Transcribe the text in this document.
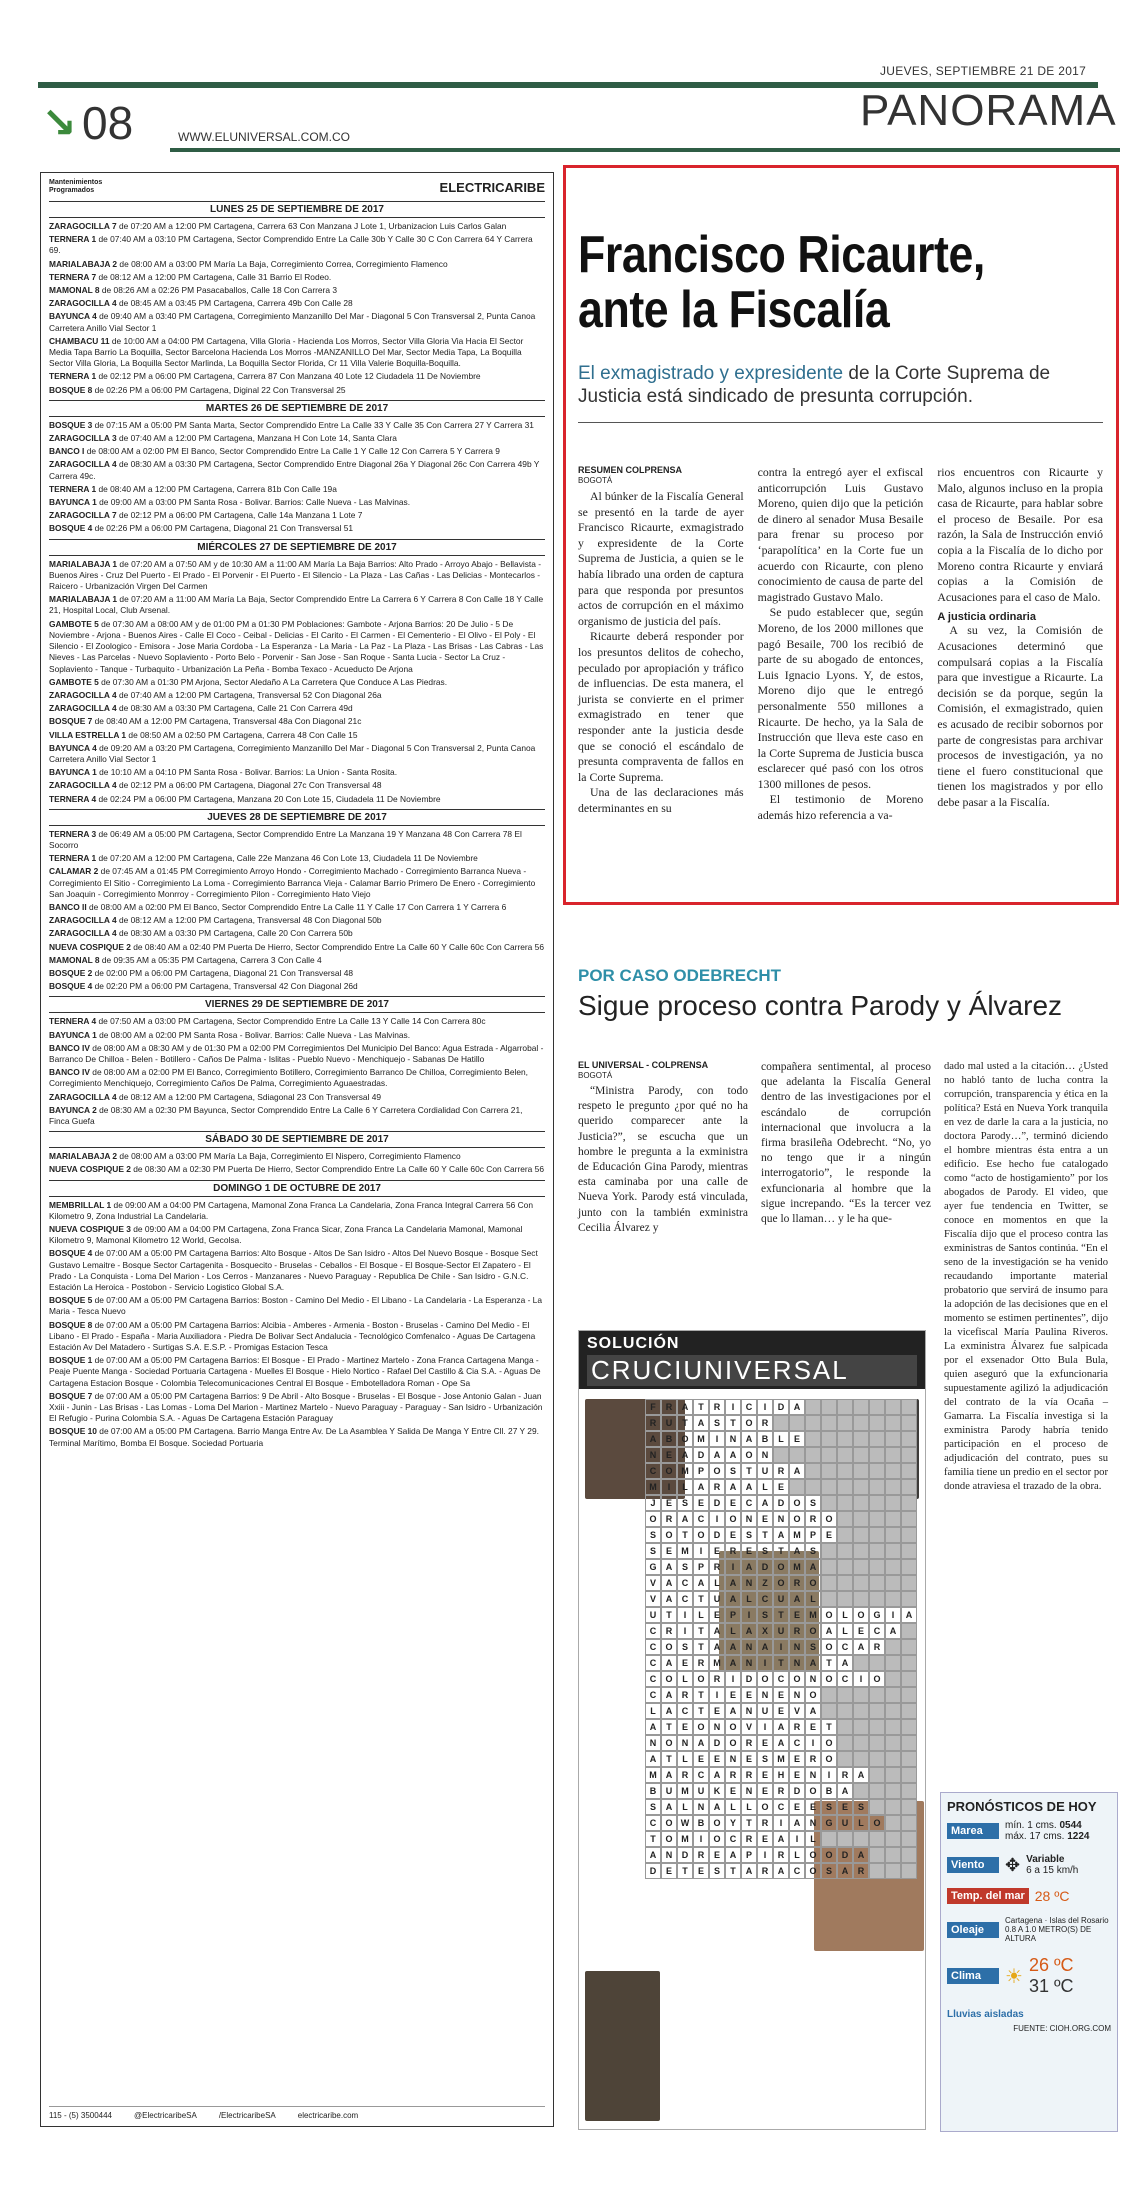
JUEVES, SEPTIEMBRE 21 DE 2017
↘ 08	WWW.ELUNIVERSAL.COM.CO
PANORAMA
Mantenimientos Programados	ELECTRICARIBE
LUNES 25 DE SEPTIEMBRE DE 2017
ZARAGOCILLA 7 de 07:20 AM a 12:00 PM Cartagena, Carrera 63 Con Manzana J Lote 1, Urbanizacion Luis Carlos Galan
TERNERA 1 de 07:40 AM a 03:10 PM Cartagena, Sector Comprendido Entre La Calle 30b Y Calle 30 C Con Carrera 64 Y Carrera 69.
MARIALABAJA 2 de 08:00 AM a 03:00 PM María La Baja, Corregimiento Correa, Corregimiento Flamenco
TERNERA 7 de 08:12 AM a 12:00 PM Cartagena, Calle 31 Barrio El Rodeo.
MAMONAL 8 de 08:26 AM a 02:26 PM Pasacaballos, Calle 18 Con Carrera 3
ZARAGOCILLA 4 de 08:45 AM a 03:45 PM Cartagena, Carrera 49b Con Calle 28
BAYUNCA 4 de 09:40 AM a 03:40 PM Cartagena, Corregimiento Manzanillo Del Mar - Diagonal 5 Con Transversal 2, Punta Canoa Carretera Anillo Vial Sector 1
CHAMBACU 11 de 10:00 AM a 04:00 PM Cartagena, Villa Gloria - Hacienda Los Morros, Sector Villa Gloria Via Hacia El Sector Media Tapa Barrio La Boquilla, Sector Barcelona Hacienda Los Morros -MANZANILLO Del Mar, Sector Media Tapa, La Boquilla Sector Villa Gloria, La Boquilla Sector Marlinda, La Boquilla Sector Florida, Cr 11 Villa Valerie Boquilla-Boquilla.
TERNERA 1 de 02:12 PM a 06:00 PM Cartagena, Carrera 87 Con Manzana 40 Lote 12 Ciudadela 11 De Noviembre
BOSQUE 8 de 02:26 PM a 06:00 PM Cartagena, Diginal 22 Con Transversal 25
MARTES 26 DE SEPTIEMBRE DE 2017
BOSQUE 3 de 07:15 AM a 05:00 PM Santa Marta, Sector Comprendido Entre La Calle 33 Y Calle 35 Con Carrera 27 Y Carrera 31
ZARAGOCILLA 3 de 07:40 AM a 12:00 PM Cartagena, Manzana H Con Lote 14, Santa Clara
BANCO I de 08:00 AM a 02:00 PM El Banco, Sector Comprendido Entre La Calle 1 Y Calle 12 Con Carrera 5 Y Carrera 9
ZARAGOCILLA 4 de 08:30 AM a 03:30 PM Cartagena, Sector Comprendido Entre Diagonal 26a Y Diagonal 26c Con Carrera 49b Y Carrera 49c.
TERNERA 1 de 08:40 AM a 12:00 PM Cartagena, Carrera 81b Con Calle 19a
BAYUNCA 1 de 09:00 AM a 03:00 PM Santa Rosa - Bolivar. Barrios: Calle Nueva - Las Malvinas.
ZARAGOCILLA 7 de 02:12 PM a 06:00 PM Cartagena, Calle 14a Manzana 1 Lote 7
BOSQUE 4 de 02:26 PM a 06:00 PM Cartagena, Diagonal 21 Con Transversal 51
MIÉRCOLES 27 DE SEPTIEMBRE DE 2017
MARIALABAJA 1 de 07:20 AM a 07:50 AM y de 10:30 AM a 11:00 AM María La Baja Barrios: Alto Prado - Arroyo Abajo - Bellavista - Buenos Aires - Cruz Del Puerto - El Prado - El Porvenir - El Puerto - El Silencio - La Plaza - Las Cañas - Las Delicias - Montecarlos - Raicero - Urbanización Virgen Del Carmen
MARIALABAJA 1 de 07:20 AM a 11:00 AM María La Baja, Sector Comprendido Entre La Carrera 6 Y Carrera 8 Con Calle 18 Y Calle 21, Hospital Local, Club Arsenal.
GAMBOTE 5 de 07:30 AM a 08:00 AM y de 01:00 PM a 01:30 PM Poblaciones: Gambote - Arjona Barrios: 20 De Julio - 5 De Noviembre - Arjona - Buenos Aires - Calle El Coco - Ceibal - Delicias - El Carito - El Carmen - El Cementerio - El Olivo - El Poly - El Silencio - El Zoologico - Emisora - Jose Maria Cordoba - La Esperanza - La Maria - La Paz - La Plaza - Las Brisas - Las Cabras - Las Nieves - Las Parcelas - Nuevo Soplaviento - Porto Belo - Porvenir - San Jose - San Roque - Santa Lucia - Sector La Cruz - Soplaviento - Tanque - Turbaquito - Urbanización La Peña - Bomba Texaco - Acueducto De Arjona
GAMBOTE 5 de 07:30 AM a 01:30 PM Arjona, Sector Aledaño A La Carretera Que Conduce A Las Piedras.
ZARAGOCILLA 4 de 07:40 AM a 12:00 PM Cartagena, Transversal 52 Con Diagonal 26a
ZARAGOCILLA 4 de 08:30 AM a 03:30 PM Cartagena, Calle 21 Con Carrera 49d
BOSQUE 7 de 08:40 AM a 12:00 PM Cartagena, Transversal 48a Con Diagonal 21c
VILLA ESTRELLA 1 de 08:50 AM a 02:50 PM Cartagena, Carrera 48 Con Calle 15
BAYUNCA 4 de 09:20 AM a 03:20 PM Cartagena, Corregimiento Manzanillo Del Mar - Diagonal 5 Con Transversal 2, Punta Canoa Carretera Anillo Vial Sector 1
BAYUNCA 1 de 10:10 AM a 04:10 PM Santa Rosa - Bolivar. Barrios: La Union - Santa Rosita.
ZARAGOCILLA 4 de 02:12 PM a 06:00 PM Cartagena, Diagonal 27c Con Transversal 48
TERNERA 4 de 02:24 PM a 06:00 PM Cartagena, Manzana 20 Con Lote 15, Ciudadela 11 De Noviembre
JUEVES 28 DE SEPTIEMBRE DE 2017
TERNERA 3 de 06:49 AM a 05:00 PM Cartagena, Sector Comprendido Entre La Manzana 19 Y Manzana 48 Con Carrera 78 El Socorro
TERNERA 1 de 07:20 AM a 12:00 PM Cartagena, Calle 22e Manzana 46 Con Lote 13, Ciudadela 11 De Noviembre
CALAMAR 2 de 07:45 AM a 01:45 PM Corregimiento Arroyo Hondo - Corregimiento Machado - Corregimiento Barranca Nueva - Corregimiento El Sitio - Corregimiento La Loma - Corregimiento Barranca Vieja - Calamar Barrio Primero De Enero - Corregimiento San Joaquin - Corregimiento Monrroy - Corregimiento Pilon - Corregimiento Hato Viejo
BANCO II de 08:00 AM a 02:00 PM El Banco, Sector Comprendido Entre La Calle 11 Y Calle 17 Con Carrera 1 Y Carrera 6
ZARAGOCILLA 4 de 08:12 AM a 12:00 PM Cartagena, Transversal 48 Con Diagonal 50b
ZARAGOCILLA 4 de 08:30 AM a 03:30 PM Cartagena, Calle 20 Con Carrera 50b
NUEVA COSPIQUE 2 de 08:40 AM a 02:40 PM Puerta De Hierro, Sector Comprendido Entre La Calle 60 Y Calle 60c Con Carrera 56
MAMONAL 8 de 09:35 AM a 05:35 PM Cartagena, Carrera 3 Con Calle 4
BOSQUE 2 de 02:00 PM a 06:00 PM Cartagena, Diagonal 21 Con Transversal 48
BOSQUE 4 de 02:20 PM a 06:00 PM Cartagena, Transversal 42 Con Diagonal 26d
VIERNES 29 DE SEPTIEMBRE DE 2017
TERNERA 4 de 07:50 AM a 03:00 PM Cartagena, Sector Comprendido Entre La Calle 13 Y Calle 14 Con Carrera 80c
BAYUNCA 1 de 08:00 AM a 02:00 PM Santa Rosa - Bolivar. Barrios: Calle Nueva - Las Malvinas.
BANCO IV de 08:00 AM a 08:30 AM y de 01:30 PM a 02:00 PM Corregimientos Del Municipio Del Banco: Agua Estrada - Algarrobal - Barranco De Chilloa - Belen - Botillero - Caños De Palma - Islitas - Pueblo Nuevo - Menchiquejo - Sabanas De Hatillo
BANCO IV de 08:00 AM a 02:00 PM El Banco, Corregimiento Botillero, Corregimiento Barranco De Chilloa, Corregimiento Belen, Corregimiento Menchiquejo, Corregimiento Caños De Palma, Corregimiento Aguaestradas.
ZARAGOCILLA 4 de 08:12 AM a 12:00 PM Cartagena, Sdiagonal 23 Con Transversal 49
BAYUNCA 2 de 08:30 AM a 02:30 PM Bayunca, Sector Comprendido Entre La Calle 6 Y Carretera Cordialidad Con Carrera 21, Finca Guefa
SÁBADO 30 DE SEPTIEMBRE DE 2017
MARIALABAJA 2 de 08:00 AM a 03:00 PM María La Baja, Corregimiento El Nispero, Corregimiento Flamenco
NUEVA COSPIQUE 2 de 08:30 AM a 02:30 PM Puerta De Hierro, Sector Comprendido Entre La Calle 60 Y Calle 60c Con Carrera 56
DOMINGO 1 DE OCTUBRE DE 2017
MEMBRILLAL 1 de 09:00 AM a 04:00 PM Cartagena, Mamonal Zona Franca La Candelaria, Zona Franca Integral Carrera 56 Con Kilometro 9, Zona Industrial La Candelaria.
NUEVA COSPIQUE 3 de 09:00 AM a 04:00 PM Cartagena, Zona Franca Sicar, Zona Franca La Candelaria Mamonal, Mamonal Kilometro 9, Mamonal Kilometro 12 World, Gecolsa.
BOSQUE 4 de 07:00 AM a 05:00 PM Cartagena Barrios: Alto Bosque - Altos De San Isidro - Altos Del Nuevo Bosque - Bosque Sect Gustavo Lemaitre - Bosque Sector Cartagenita - Bosquecito - Bruselas - Ceballos - El Bosque - El Bosque-Sector El Zapatero - El Prado - La Conquista - Loma Del Marion - Los Cerros - Manzanares - Nuevo Paraguay - Republica De Chile - San Isidro - G.N.C. Estación La Heroica - Postobon - Servicio Logistico Global S.A.
BOSQUE 5 de 07:00 AM a 05:00 PM Cartagena Barrios: Boston - Camino Del Medio - El Libano - La Candelaria - La Esperanza - La Maria - Tesca Nuevo
BOSQUE 8 de 07:00 AM a 05:00 PM Cartagena Barrios: Alcibia - Amberes - Armenia - Boston - Bruselas - Camino Del Medio - El Libano - El Prado - España - Maria Auxiliadora - Piedra De Bolivar Sect Andalucia - Tecnológico Comfenalco - Aguas De Cartagena Estación Av Del Matadero - Surtigas S.A. E.S.P. - Promigas Estacion Tesca
BOSQUE 1 de 07:00 AM a 05:00 PM Cartagena Barrios: El Bosque - El Prado - Martinez Martelo - Zona Franca Cartagena Manga - Peaje Puente Manga - Sociedad Portuaria Cartagena - Muelles El Bosque - Hielo Nortico - Rafael Del Castillo & Cia S.A. - Aguas De Cartagena Estacion Bosque - Colombia Telecomunicaciones Central El Bosque - Embotelladora Roman - Ope Sa
BOSQUE 7 de 07:00 AM a 05:00 PM Cartagena Barrios: 9 De Abril - Alto Bosque - Bruselas - El Bosque - Jose Antonio Galan - Juan Xxiii - Junin - Las Brisas - Las Lomas - Loma Del Marion - Martinez Martelo - Nuevo Paraguay - Paraguay - San Isidro - Urbanización El Refugio - Purina Colombia S.A. - Aguas De Cartagena Estación Paraguay
BOSQUE 10 de 07:00 AM a 05:00 PM Cartagena. Barrio Manga Entre Av. De La Asamblea Y Salida De Manga Y Entre Cll. 27 Y 29. Terminal Marítimo, Bomba El Bosque. Sociedad Portuaria
115 - (5) 3500444	@ElectricaribeSA	/ElectricaribeSA	electricaribe.com
Francisco Ricaurte,
ante la Fiscalía
El exmagistrado y expresidente de la Corte Suprema de Justicia está sindicado de presunta corrupción.
RESUMEN COLPRENSA
BOGOTÁ
Al búnker de la Fiscalía General se presentó en la tarde de ayer Francisco Ricaurte, exmagistrado y expresidente de la Corte Suprema de Justicia, a quien se le había librado una orden de captura para que responda por presuntos actos de corrupción en el máximo organismo de justicia del país.
Ricaurte deberá responder por los presuntos delitos de cohecho, peculado por apropiación y tráfico de influencias. De esta manera, el jurista se convierte en el primer exmagistrado en tener que responder ante la justicia desde que se conoció el escándalo de presunta compraventa de fallos en la Corte Suprema.
Una de las declaraciones más determinantes en su
contra la entregó ayer el exfiscal anticorrupción Luis Gustavo Moreno, quien dijo que la petición de dinero al senador Musa Besaile para frenar su proceso por ‘parapolítica’ en la Corte fue un acuerdo con Ricaurte, con pleno conocimiento de causa de parte del magistrado Gustavo Malo.
Se pudo establecer que, según Moreno, de los 2000 millones que pagó Besaile, 700 los recibió de parte de su abogado de entonces, Luis Ignacio Lyons. Y, de estos, Moreno dijo que le entregó personalmente 550 millones a Ricaurte. De hecho, ya la Sala de Instrucción que lleva este caso en la Corte Suprema de Justicia busca esclarecer qué pasó con los otros 1300 millones de pesos.
El testimonio de Moreno además hizo referencia a va-
rios encuentros con Ricaurte y Malo, algunos incluso en la propia casa de Ricaurte, para hablar sobre el proceso de Besaile. Por esa razón, la Sala de Instrucción envió copia a la Fiscalía de lo dicho por Moreno contra Ricaurte y enviará copias a la Comisión de Acusaciones para el caso de Malo.
A justicia ordinaria
A su vez, la Comisión de Acusaciones determinó que compulsará copias a la Fiscalía para que investigue a Ricaurte. La decisión se da porque, según la Comisión, el exmagistrado, quien es acusado de recibir sobornos por parte de congresistas para archivar procesos de investigación, ya no tiene el fuero constitucional que tienen los magistrados y por ello debe pasar a la Fiscalía.
POR CASO ODEBRECHT
Sigue proceso contra Parody y Álvarez
EL UNIVERSAL - COLPRENSA
BOGOTÁ
“Ministra Parody, con todo respeto le pregunto ¿por qué no ha querido comparecer ante la Justicia?”, se escucha que un hombre le pregunta a la exministra de Educación Gina Parody, mientras esta caminaba por una calle de Nueva York. Parody está vinculada, junto con la también exministra Cecilia Álvarez y
compañera sentimental, al proceso que adelanta la Fiscalía General dentro de las investigaciones por el escándalo de corrupción internacional que involucra a la firma brasileña Odebrecht. “No, yo no tengo que ir a ningún interrogatorio”, le responde la exfuncionaria al hombre que la sigue increpando. “Es la tercer vez que lo llaman… y le ha que-
dado mal usted a la citación… ¿Usted no habló tanto de lucha contra la corrupción, transparencia y ética en la política? Está en Nueva York tranquila en vez de darle la cara a la justicia, no doctora Parody…”, terminó diciendo el hombre mientras ésta entra a un edificio. Ese hecho fue catalogado como “acto de hostigamiento” por los abogados de Parody. El video, que ayer fue tendencia en Twitter, se conoce en momentos en que la Fiscalía dijo que el proceso contra las exministras de Santos continúa. “En el seno de la investigación se ha venido recaudando importante material probatorio que servirá de insumo para la adopción de las decisiones que en el momento se estimen pertinentes”, dijo la vicefiscal María Paulina Riveros. La exministra Álvarez fue salpicada por el exsenador Otto Bula Bula, quien aseguró que la exfuncionaria supuestamente agilizó la adjudicación del contrato de la vía Ocaña – Gamarra. La Fiscalía investiga si la exministra Parody habría tenido participación en el proceso de adjudicación del contrato, pues su familia tiene un predio en el sector por donde atraviesa el trazado de la obra.
SOLUCIÓN
CRUCIUNIVERSAL
F	R	A	T	R	I	C	I	D	A
R	U	T	A	S	T	O	R
A	B	O M	I	N	A	B	L	E
N	E	A	D	A	A	O	N
C	O M	P	O	S	T	U	R	A
M	I	L	A	R	A	A	L	E
J	E	S	E	D	E	C	A	D	O	S
O	R	A	C	I	O	N	E	N	O	R	O
S	O	T	O	D	E	S	T	A	M	P	E
S	E	M	I	E	R	E	S	T	A	S
G	A	S	P	R	I	A	D	O M	A
V	A	C	A	L	A	N	Z	O	R	O
V	A	C	T	U	A	L	C	U	A	L
U	T	I	L	E	P	I	S	T	E	M O	L	O G	I	A
C	R	I	T	A	L	A	X	U	R	O	A	L	E	C	A
C	O	S	T	A	A	N	A	I	N	S	O	C	A	R
C	A	E	R	M	A	N	I	T	N	A	T	A
C	O	L	O	R	I	D	O	C	O	N	O	C	I	O
C	A	R	T	I	E	E	N	E	N	O
L	A	C	T	E	A	N	U	E	V	A
A	T	E	O	N	O	V	I	A	R	E	T
N	O	N	A	D	O	R	E	A	C	I	O
A	T	L	E	E	N	E	S	M	E	R	O
M	A	R	C	A	R	R	E	H	E	N	I	R	A
B	U	M	U	K	E	N	E	R	D	O	B	A
S	A	L	N	A	L	L	O	C	E	E	S	E	S
C	O W B	O	Y	T	R	I	A	N	G	U	L	O
T	O M	I	O	C	R	E	A	I	L
A	N	D	R	E	A	P	I	R	L	O O	D	A
D	E	T	E	S	T	A	R	A	C	O	S	A	R
PRONÓSTICOS DE HOY
Marea	mín. 1 cms. 0544
máx. 17 cms. 1224
Viento	✥ Variable
6 a 15 km/h
Temp. del mar 28 ºC
Oleaje
Cartagena · Islas del Rosario
0.8 A 1.0 METRO(S) DE ALTURA
Clima	☀
26 ºC
31 ºC
Lluvias aisladas
FUENTE: CIOH.ORG.COM
